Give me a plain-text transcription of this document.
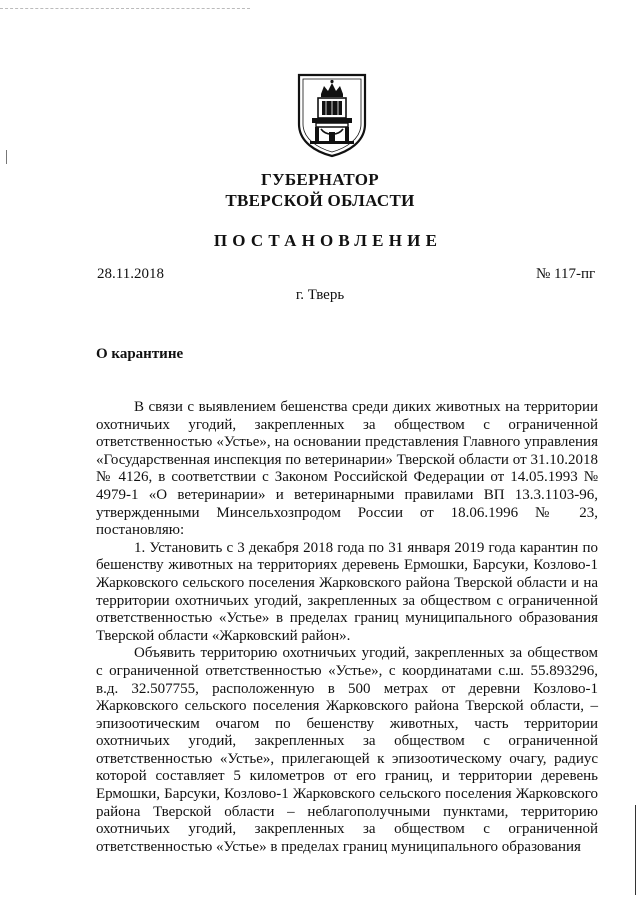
ГУБЕРНАТОР
ТВЕРСКОЙ ОБЛАСТИ
ПОСТАНОВЛЕНИЕ
28.11.2018	№ 117-пг
г. Тверь
О карантине

В связи с выявлением бешенства среди диких животных на территории охотничьих угодий, закрепленных за обществом с ограниченной ответственностью «Устье», на основании представления Главного управления «Государственная инспекция по ветеринарии» Тверской области от 31.10.2018 № 4126, в соответствии с Законом Российской Федерации от 14.05.1993 № 4979-1 «О ветеринарии» и ветеринарными правилами ВП 13.3.1103-96, утвержденными Минсельхозпродом России от 18.06.1996 № 23, постановляю:

1. Установить с 3 декабря 2018 года по 31 января 2019 года карантин по бешенству животных на территориях деревень Ермошки, Барсуки, Козлово-1 Жарковского сельского поселения Жарковского района Тверской области и на территории охотничьих угодий, закрепленных за обществом с ограниченной ответственностью «Устье» в пределах границ муниципального образования Тверской области «Жарковский район».

Объявить территорию охотничьих угодий, закрепленных за обществом с ограниченной ответственностью «Устье», с координатами с.ш. 55.893296, в.д. 32.507755, расположенную в 500 метрах от деревни Козлово-1 Жарковского сельского поселения Жарковского района Тверской области, – эпизоотическим очагом по бешенству животных, часть территории охотничьих угодий, закрепленных за обществом с ограниченной ответственностью «Устье», прилегающей к эпизоотическому очагу, радиус которой составляет 5 километров от его границ, и территории деревень Ермошки, Барсуки, Козлово-1 Жарковского сельского поселения Жарковского района Тверской области – неблагополучными пунктами, территорию охотничьих угодий, закрепленных за обществом с ограниченной ответственностью «Устье» в пределах границ муниципального образования
